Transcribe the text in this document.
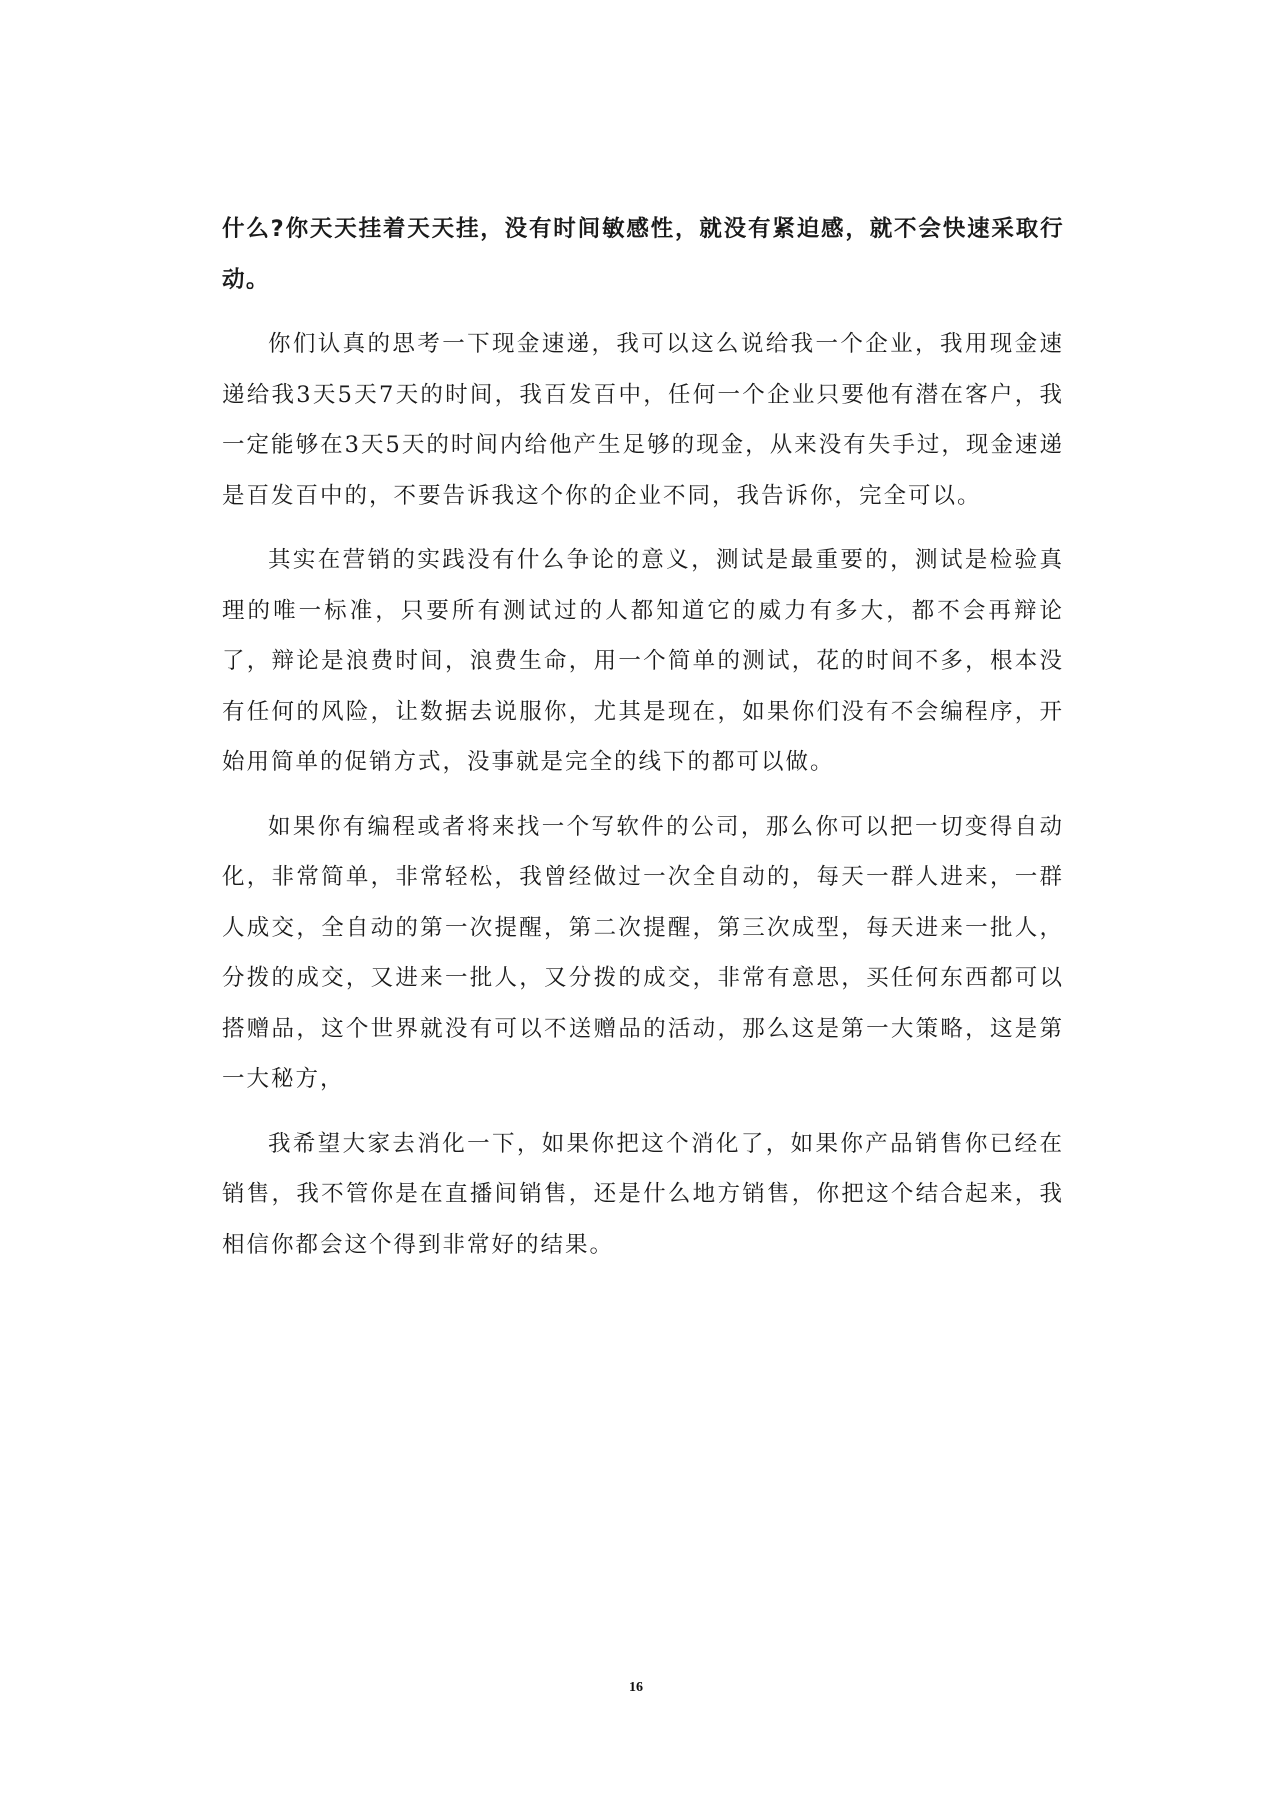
什么?你天天挂着天天挂，没有时间敏感性，就没有紧迫感，就不会快速采取行动。

你们认真的思考一下现金速递，我可以这么说给我一个企业，我用现金速递给我3天5天7天的时间，我百发百中，任何一个企业只要他有潜在客户，我一定能够在3天5天的时间内给他产生足够的现金，从来没有失手过，现金速递是百发百中的，不要告诉我这个你的企业不同，我告诉你，完全可以。

其实在营销的实践没有什么争论的意义，测试是最重要的，测试是检验真理的唯一标准，只要所有测试过的人都知道它的威力有多大，都不会再辩论了，辩论是浪费时间，浪费生命，用一个简单的测试，花的时间不多，根本没有任何的风险，让数据去说服你，尤其是现在，如果你们没有不会编程序，开始用简单的促销方式，没事就是完全的线下的都可以做。

如果你有编程或者将来找一个写软件的公司，那么你可以把一切变得自动化，非常简单，非常轻松，我曾经做过一次全自动的，每天一群人进来，一群人成交，全自动的第一次提醒，第二次提醒，第三次成型，每天进来一批人，分拨的成交，又进来一批人，又分拨的成交，非常有意思，买任何东西都可以搭赠品，这个世界就没有可以不送赠品的活动，那么这是第一大策略，这是第一大秘方，

我希望大家去消化一下，如果你把这个消化了，如果你产品销售你已经在销售，我不管你是在直播间销售，还是什么地方销售，你把这个结合起来，我相信你都会这个得到非常好的结果。

16
